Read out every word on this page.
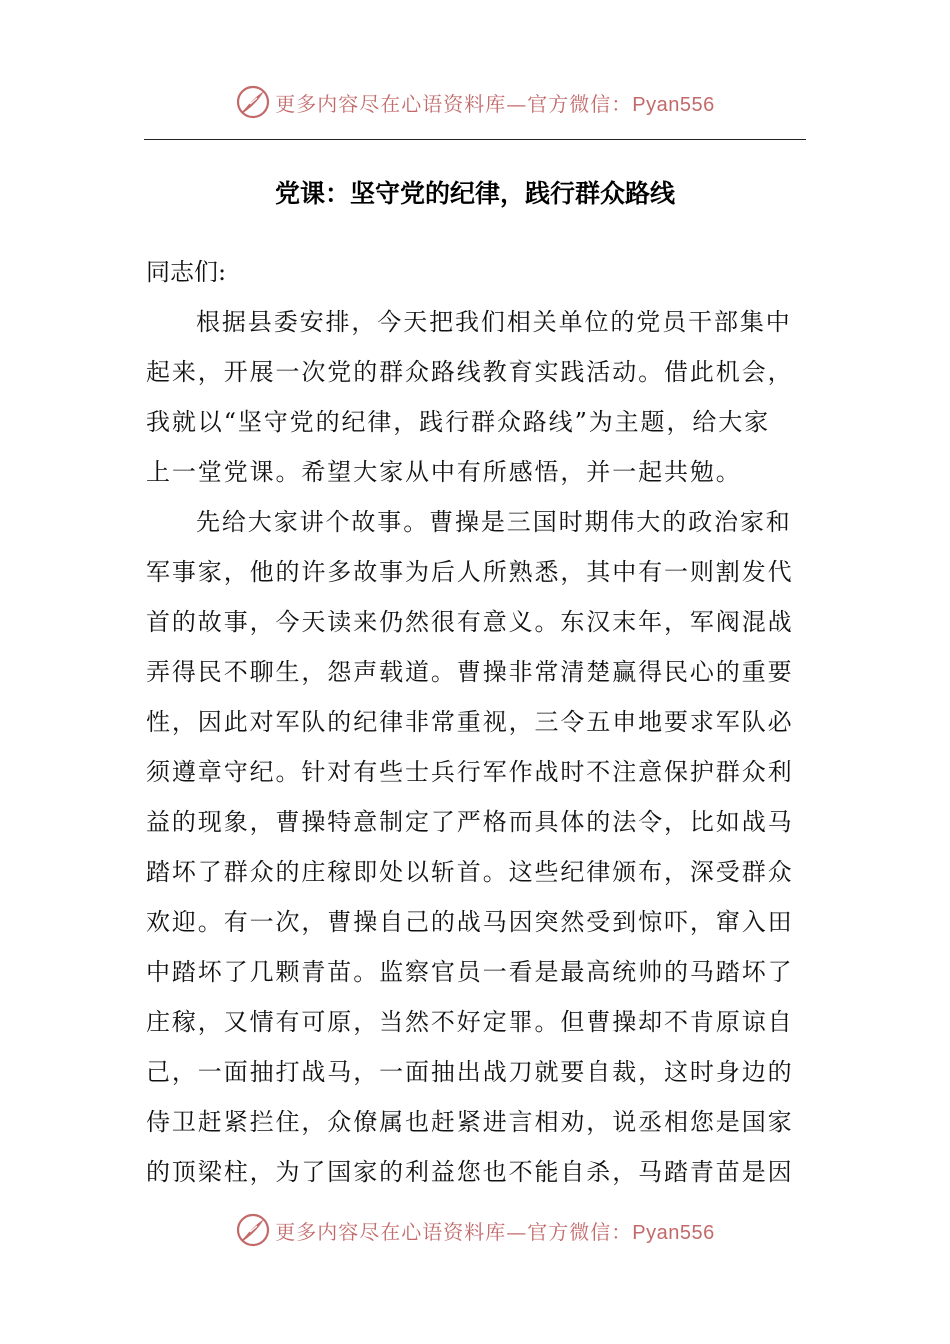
更多内容尽在心语资料库—官方微信：Pyan556
党课：坚守党的纪律，践行群众路线

同志们:

根据县委安排，今天把我们相关单位的党员干部集中
起来，开展一次党的群众路线教育实践活动。借此机会，
我就以“坚守党的纪律，践行群众路线”为主题，给大家
上一堂党课。希望大家从中有所感悟，并一起共勉。

先给大家讲个故事。曹操是三国时期伟大的政治家和
军事家，他的许多故事为后人所熟悉，其中有一则割发代
首的故事，今天读来仍然很有意义。东汉末年，军阀混战
弄得民不聊生，怨声载道。曹操非常清楚赢得民心的重要
性，因此对军队的纪律非常重视，三令五申地要求军队必
须遵章守纪。针对有些士兵行军作战时不注意保护群众利
益的现象，曹操特意制定了严格而具体的法令，比如战马
踏坏了群众的庄稼即处以斩首。这些纪律颁布，深受群众
欢迎。有一次，曹操自己的战马因突然受到惊吓，窜入田
中踏坏了几颗青苗。监察官员一看是最高统帅的马踏坏了
庄稼，又情有可原，当然不好定罪。但曹操却不肯原谅自
己，一面抽打战马，一面抽出战刀就要自裁，这时身边的
侍卫赶紧拦住，众僚属也赶紧进言相劝，说丞相您是国家
的顶梁柱，为了国家的利益您也不能自杀，马踏青苗是因

更多内容尽在心语资料库—官方微信：Pyan556
